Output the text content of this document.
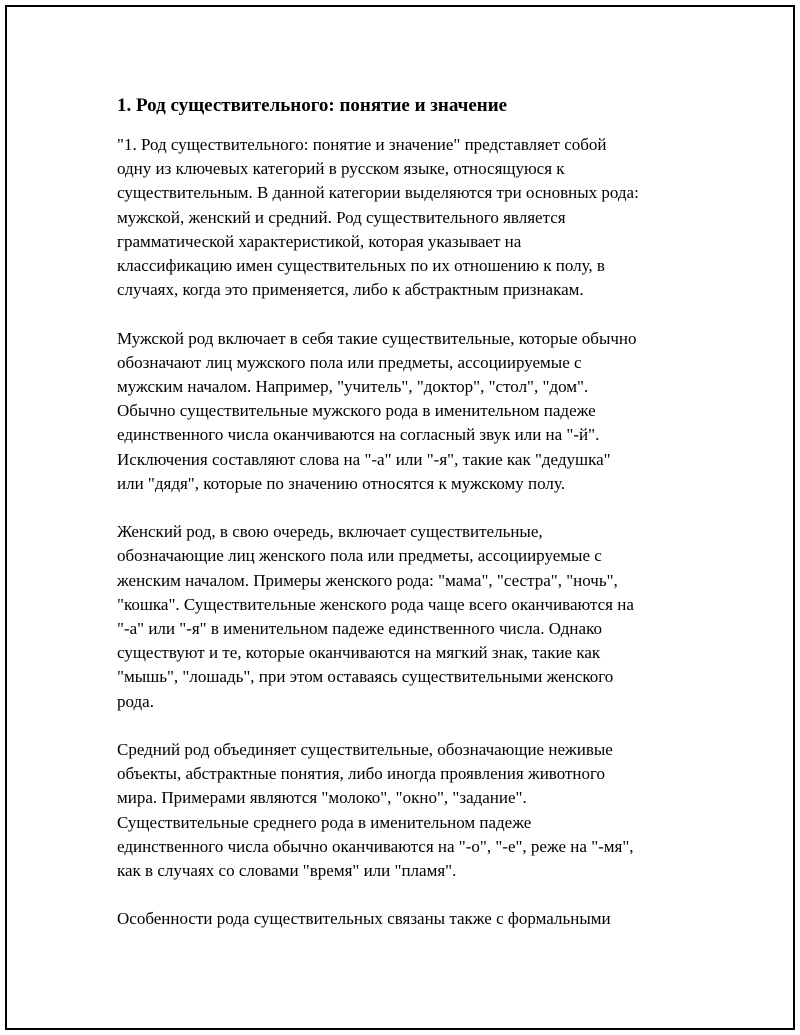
1. Род существительного: понятие и значение

"1. Род существительного: понятие и значение" представляет собой
одну из ключевых категорий в русском языке, относящуюся к
существительным. В данной категории выделяются три основных рода:
мужской, женский и средний. Род существительного является
грамматической характеристикой, которая указывает на
классификацию имен существительных по их отношению к полу, в
случаях, когда это применяется, либо к абстрактным признакам.

Мужской род включает в себя такие существительные, которые обычно
обозначают лиц мужского пола или предметы, ассоциируемые с
мужским началом. Например, "учитель", "доктор", "стол", "дом".
Обычно существительные мужского рода в именительном падеже
единственного числа оканчиваются на согласный звук или на "-й".
Исключения составляют слова на "-а" или "-я", такие как "дедушка"
или "дядя", которые по значению относятся к мужскому полу.

Женский род, в свою очередь, включает существительные,
обозначающие лиц женского пола или предметы, ассоциируемые с
женским началом. Примеры женского рода: "мама", "сестра", "ночь",
"кошка". Существительные женского рода чаще всего оканчиваются на
"-а" или "-я" в именительном падеже единственного числа. Однако
существуют и те, которые оканчиваются на мягкий знак, такие как
"мышь", "лошадь", при этом оставаясь существительными женского
рода.

Средний род объединяет существительные, обозначающие неживые
объекты, абстрактные понятия, либо иногда проявления животного
мира. Примерами являются "молоко", "окно", "задание".
Существительные среднего рода в именительном падеже
единственного числа обычно оканчиваются на "-о", "-е", реже на "-мя",
как в случаях со словами "время" или "пламя".

Особенности рода существительных связаны также с формальными
